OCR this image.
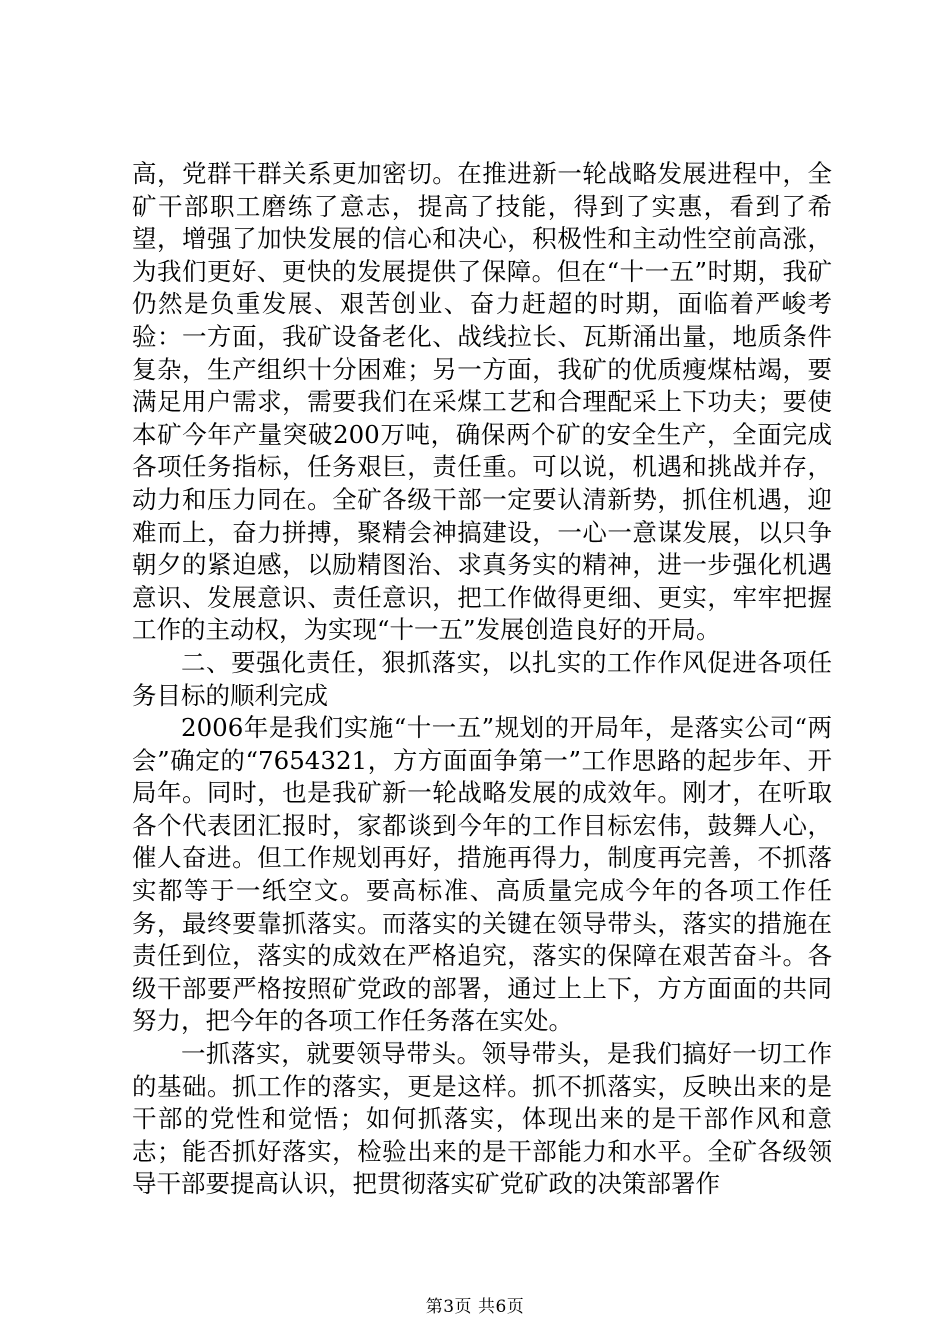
高，党群干群关系更加密切。在推进新一轮战略发展进程中，全矿干部职工磨练了意志，提高了技能，得到了实惠，看到了希望，增强了加快发展的信心和决心，积极性和主动性空前高涨，为我们更好、更快的发展提供了保障。但在“十一五”时期，我矿仍然是负重发展、艰苦创业、奋力赶超的时期，面临着严峻考验：一方面，我矿设备老化、战线拉长、瓦斯涌出量，地质条件复杂，生产组织十分困难；另一方面，我矿的优质瘦煤枯竭，要满足用户需求，需要我们在采煤工艺和合理配采上下功夫；要使本矿今年产量突破200万吨，确保两个矿的安全生产，全面完成各项任务指标，任务艰巨，责任重。可以说，机遇和挑战并存，动力和压力同在。全矿各级干部一定要认清新势，抓住机遇，迎难而上，奋力拼搏，聚精会神搞建设，一心一意谋发展，以只争朝夕的紧迫感，以励精图治、求真务实的精神，进一步强化机遇意识、发展意识、责任意识，把工作做得更细、更实，牢牢把握工作的主动权，为实现“十一五”发展创造良好的开局。

二、要强化责任，狠抓落实，以扎实的工作作风促进各项任务目标的顺利完成

2006年是我们实施“十一五”规划的开局年，是落实公司“两会”确定的“7654321，方方面面争第一”工作思路的起步年、开局年。同时，也是我矿新一轮战略发展的成效年。刚才，在听取各个代表团汇报时，家都谈到今年的工作目标宏伟，鼓舞人心，催人奋进。但工作规划再好，措施再得力，制度再完善，不抓落实都等于一纸空文。要高标准、高质量完成今年的各项工作任务，最终要靠抓落实。而落实的关键在领导带头，落实的措施在责任到位，落实的成效在严格追究，落实的保障在艰苦奋斗。各级干部要严格按照矿党政的部署，通过上上下，方方面面的共同努力，把今年的各项工作任务落在实处。

一抓落实，就要领导带头。领导带头，是我们搞好一切工作的基础。抓工作的落实，更是这样。抓不抓落实，反映出来的是干部的党性和觉悟；如何抓落实，体现出来的是干部作风和意志；能否抓好落实，检验出来的是干部能力和水平。全矿各级领导干部要提高认识，把贯彻落实矿党矿政的决策部署作

第3页 共6页
